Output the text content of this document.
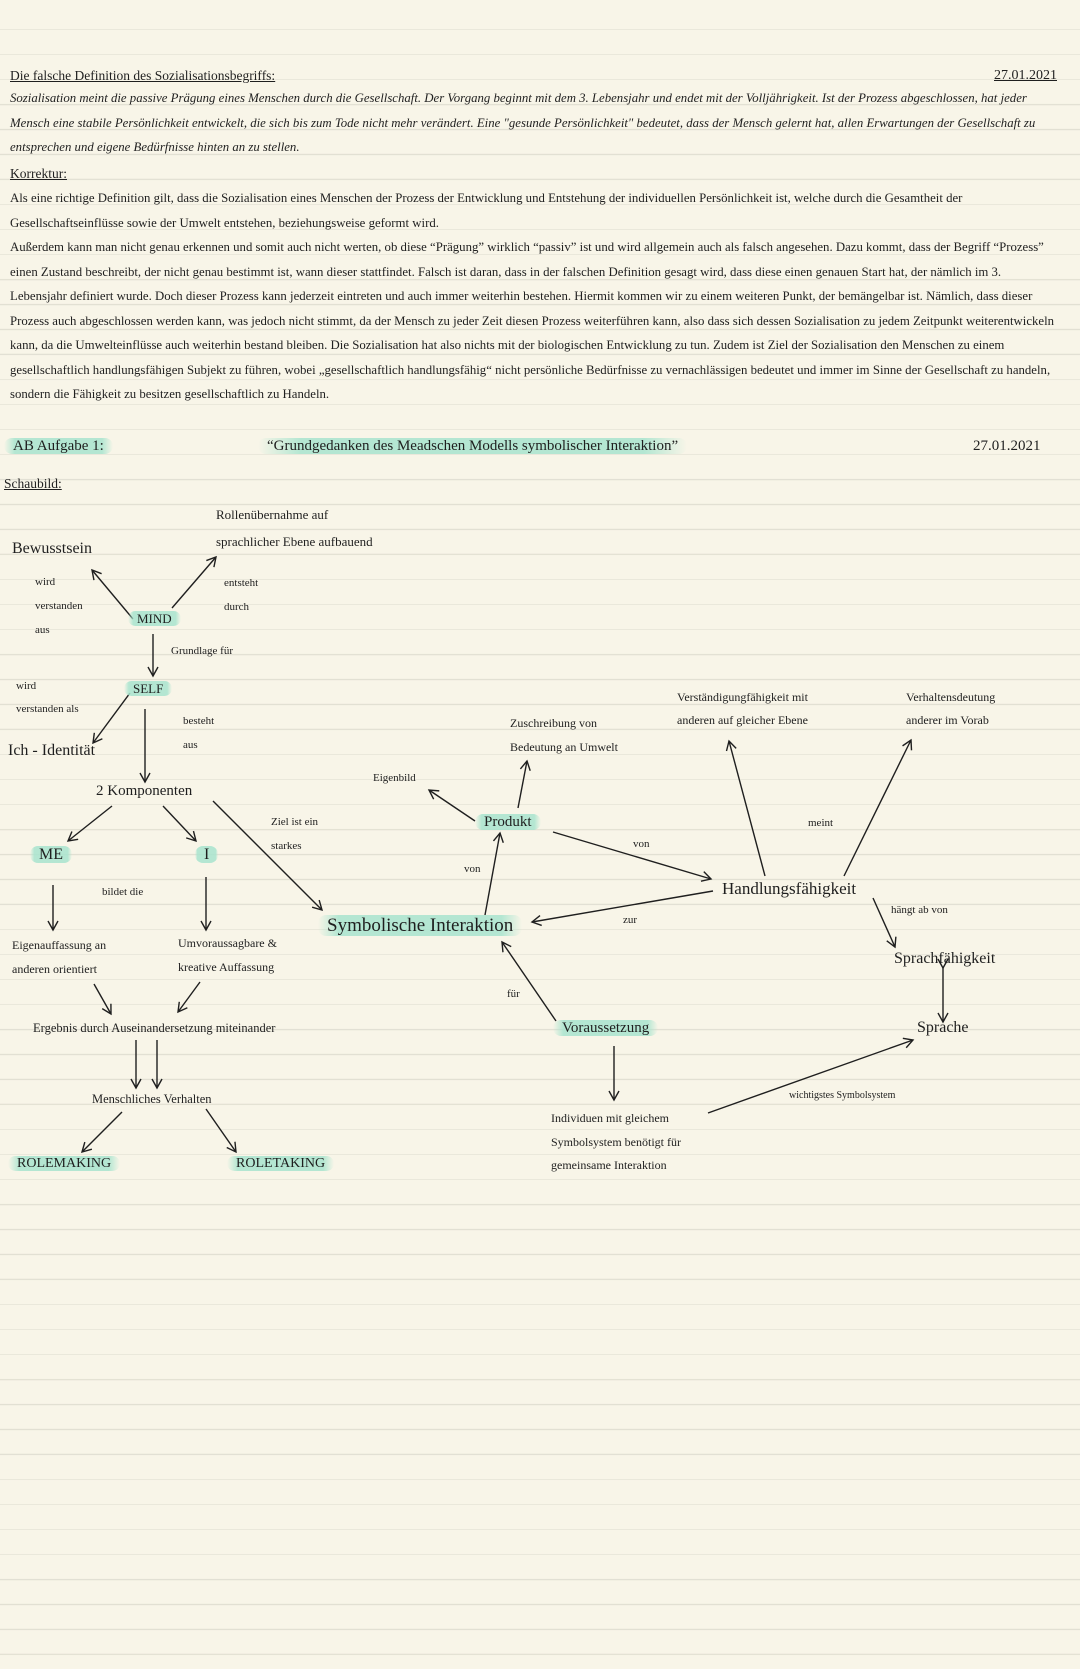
Die falsche Definition des Sozialisationsbegriffs:	27.01.2021
Sozialisation meint die passive Prägung eines Menschen durch die Gesellschaft. Der Vorgang beginnt mit dem 3. Lebensjahr und endet mit der Volljährigkeit. Ist der Prozess abgeschlossen, hat jeder Mensch eine stabile Persönlichkeit entwickelt, die sich bis zum Tode nicht mehr verändert. Eine "gesunde Persönlichkeit" bedeutet, dass der Mensch gelernt hat, allen Erwartungen der Gesellschaft zu entsprechen und eigene Bedürfnisse hinten an zu stellen.
Korrektur:
Als eine richtige Definition gilt, dass die Sozialisation eines Menschen der Prozess der Entwicklung und Entstehung der individuellen Persönlichkeit ist, welche durch die Gesamtheit der Gesellschaftseinflüsse sowie der Umwelt entstehen, beziehungsweise geformt wird.
Außerdem kann man nicht genau erkennen und somit auch nicht werten, ob diese “Prägung” wirklich “passiv” ist und wird allgemein auch als falsch angesehen. Dazu kommt, dass der Begriff “Prozess” einen Zustand beschreibt, der nicht genau bestimmt ist, wann dieser stattfindet. Falsch ist daran, dass in der falschen Definition gesagt wird, dass diese einen genauen Start hat, der nämlich im 3. Lebensjahr definiert wurde. Doch dieser Prozess kann jederzeit eintreten und auch immer weiterhin bestehen. Hiermit kommen wir zu einem weiteren Punkt, der bemängelbar ist. Nämlich, dass dieser Prozess auch abgeschlossen werden kann, was jedoch nicht stimmt, da der Mensch zu jeder Zeit diesen Prozess weiterführen kann, also dass sich dessen Sozialisation zu jedem Zeitpunkt weiterentwickeln kann, da die Umwelteinflüsse auch weiterhin bestand bleiben. Die Sozialisation hat also nichts mit der biologischen Entwicklung zu tun. Zudem ist Ziel der Sozialisation den Menschen zu einem gesellschaftlich handlungsfähigen Subjekt zu führen, wobei „gesellschaftlich handlungsfähig“ nicht persönliche Bedürfnisse zu vernachlässigen bedeutet und immer im Sinne der Gesellschaft zu handeln, sondern die Fähigkeit zu besitzen gesellschaftlich zu Handeln.
AB Aufgabe 1:	“Grundgedanken des Meadschen Modells symbolischer Interaktion”	27.01.2021
Schaubild:
Bewusstsein
Rollenübernahme auf
sprachlicher Ebene aufbauend
wird
verstanden
aus
entsteht
durch
MIND
Grundlage für
wird
verstanden als
SELF
besteht
aus
Ich - Identität
2 Komponenten
ME	I
bildet die
Ziel ist ein
starkes
Eigenauffassung an
anderen orientiert
Umvoraussagbare &
kreative Auffassung
Ergebnis durch Auseinandersetzung miteinander
Menschliches Verhalten
ROLEMAKING	ROLETAKING
Symbolische Interaktion
Eigenbild
Produkt
Zuschreibung von
Bedeutung an Umwelt
von
von
zur
für
Voraussetzung
Individuen mit gleichem
Symbolsystem benötigt für
gemeinsame Interaktion
Verständigungfähigkeit mit
anderen auf gleicher Ebene
Verhaltensdeutung
anderer im Vorab
meint
Handlungsfähigkeit
hängt ab von
Sprachfähigkeit
Sprache
wichtigstes Symbolsystem
